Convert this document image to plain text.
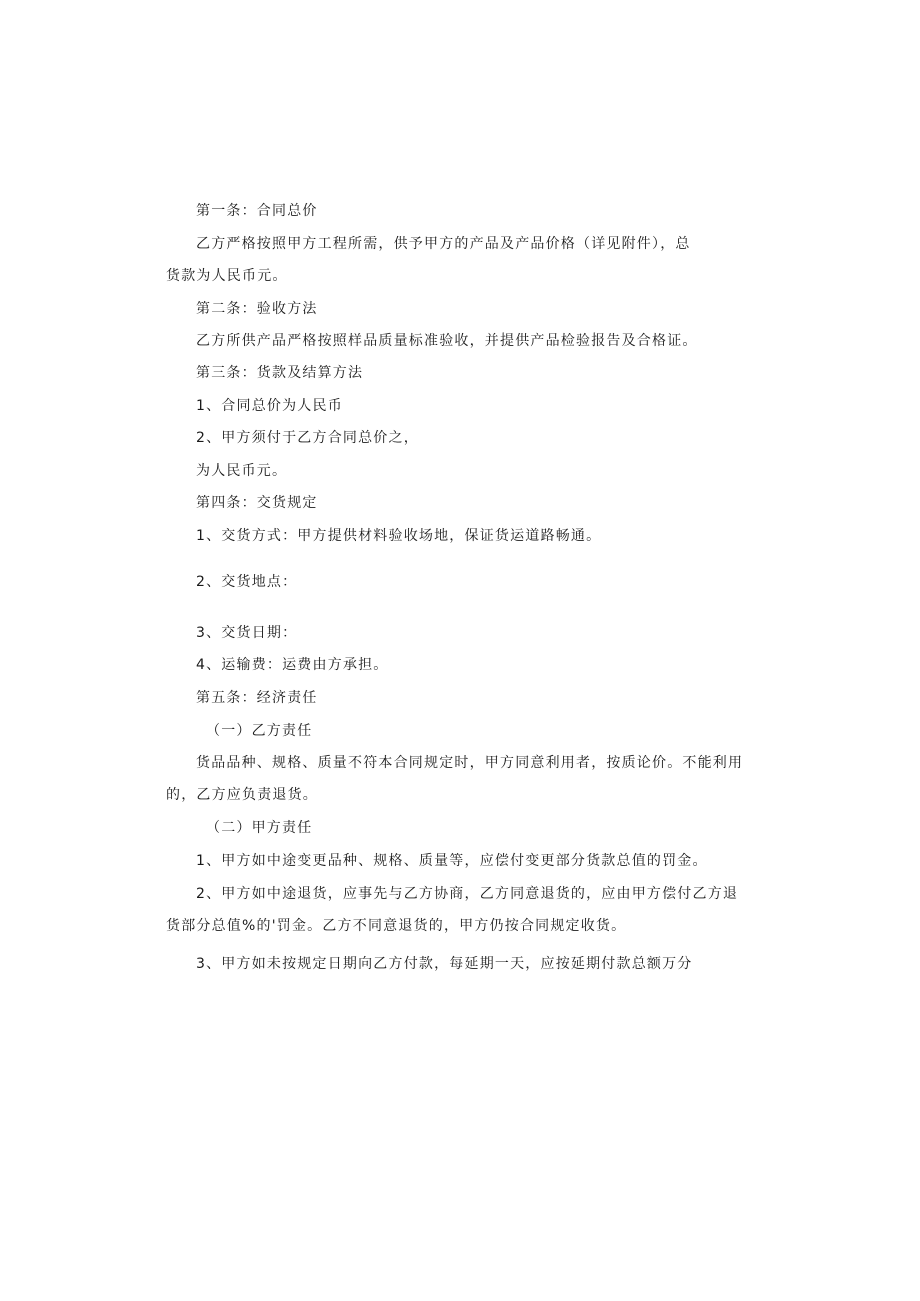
第一条：合同总价
乙方严格按照甲方工程所需，供予甲方的产品及产品价格（详见附件），总
货款为人民币元。
第二条：验收方法
乙方所供产品严格按照样品质量标准验收，并提供产品检验报告及合格证。
第三条：货款及结算方法
1、合同总价为人民币
2、甲方须付于乙方合同总价之，
为人民币元。
第四条：交货规定
1、交货方式：甲方提供材料验收场地，保证货运道路畅通。
2、交货地点：
3、交货日期：
4、运输费：运费由方承担。
第五条：经济责任
（一）乙方责任
货品品种、规格、质量不符本合同规定时，甲方同意利用者，按质论价。不能利用
的，乙方应负责退货。
（二）甲方责任
1、甲方如中途变更品种、规格、质量等，应偿付变更部分货款总值的罚金。
2、甲方如中途退货，应事先与乙方协商，乙方同意退货的，应由甲方偿付乙方退
货部分总值%的'罚金。乙方不同意退货的，甲方仍按合同规定收货。
3、甲方如未按规定日期向乙方付款，每延期一天，应按延期付款总额万分
